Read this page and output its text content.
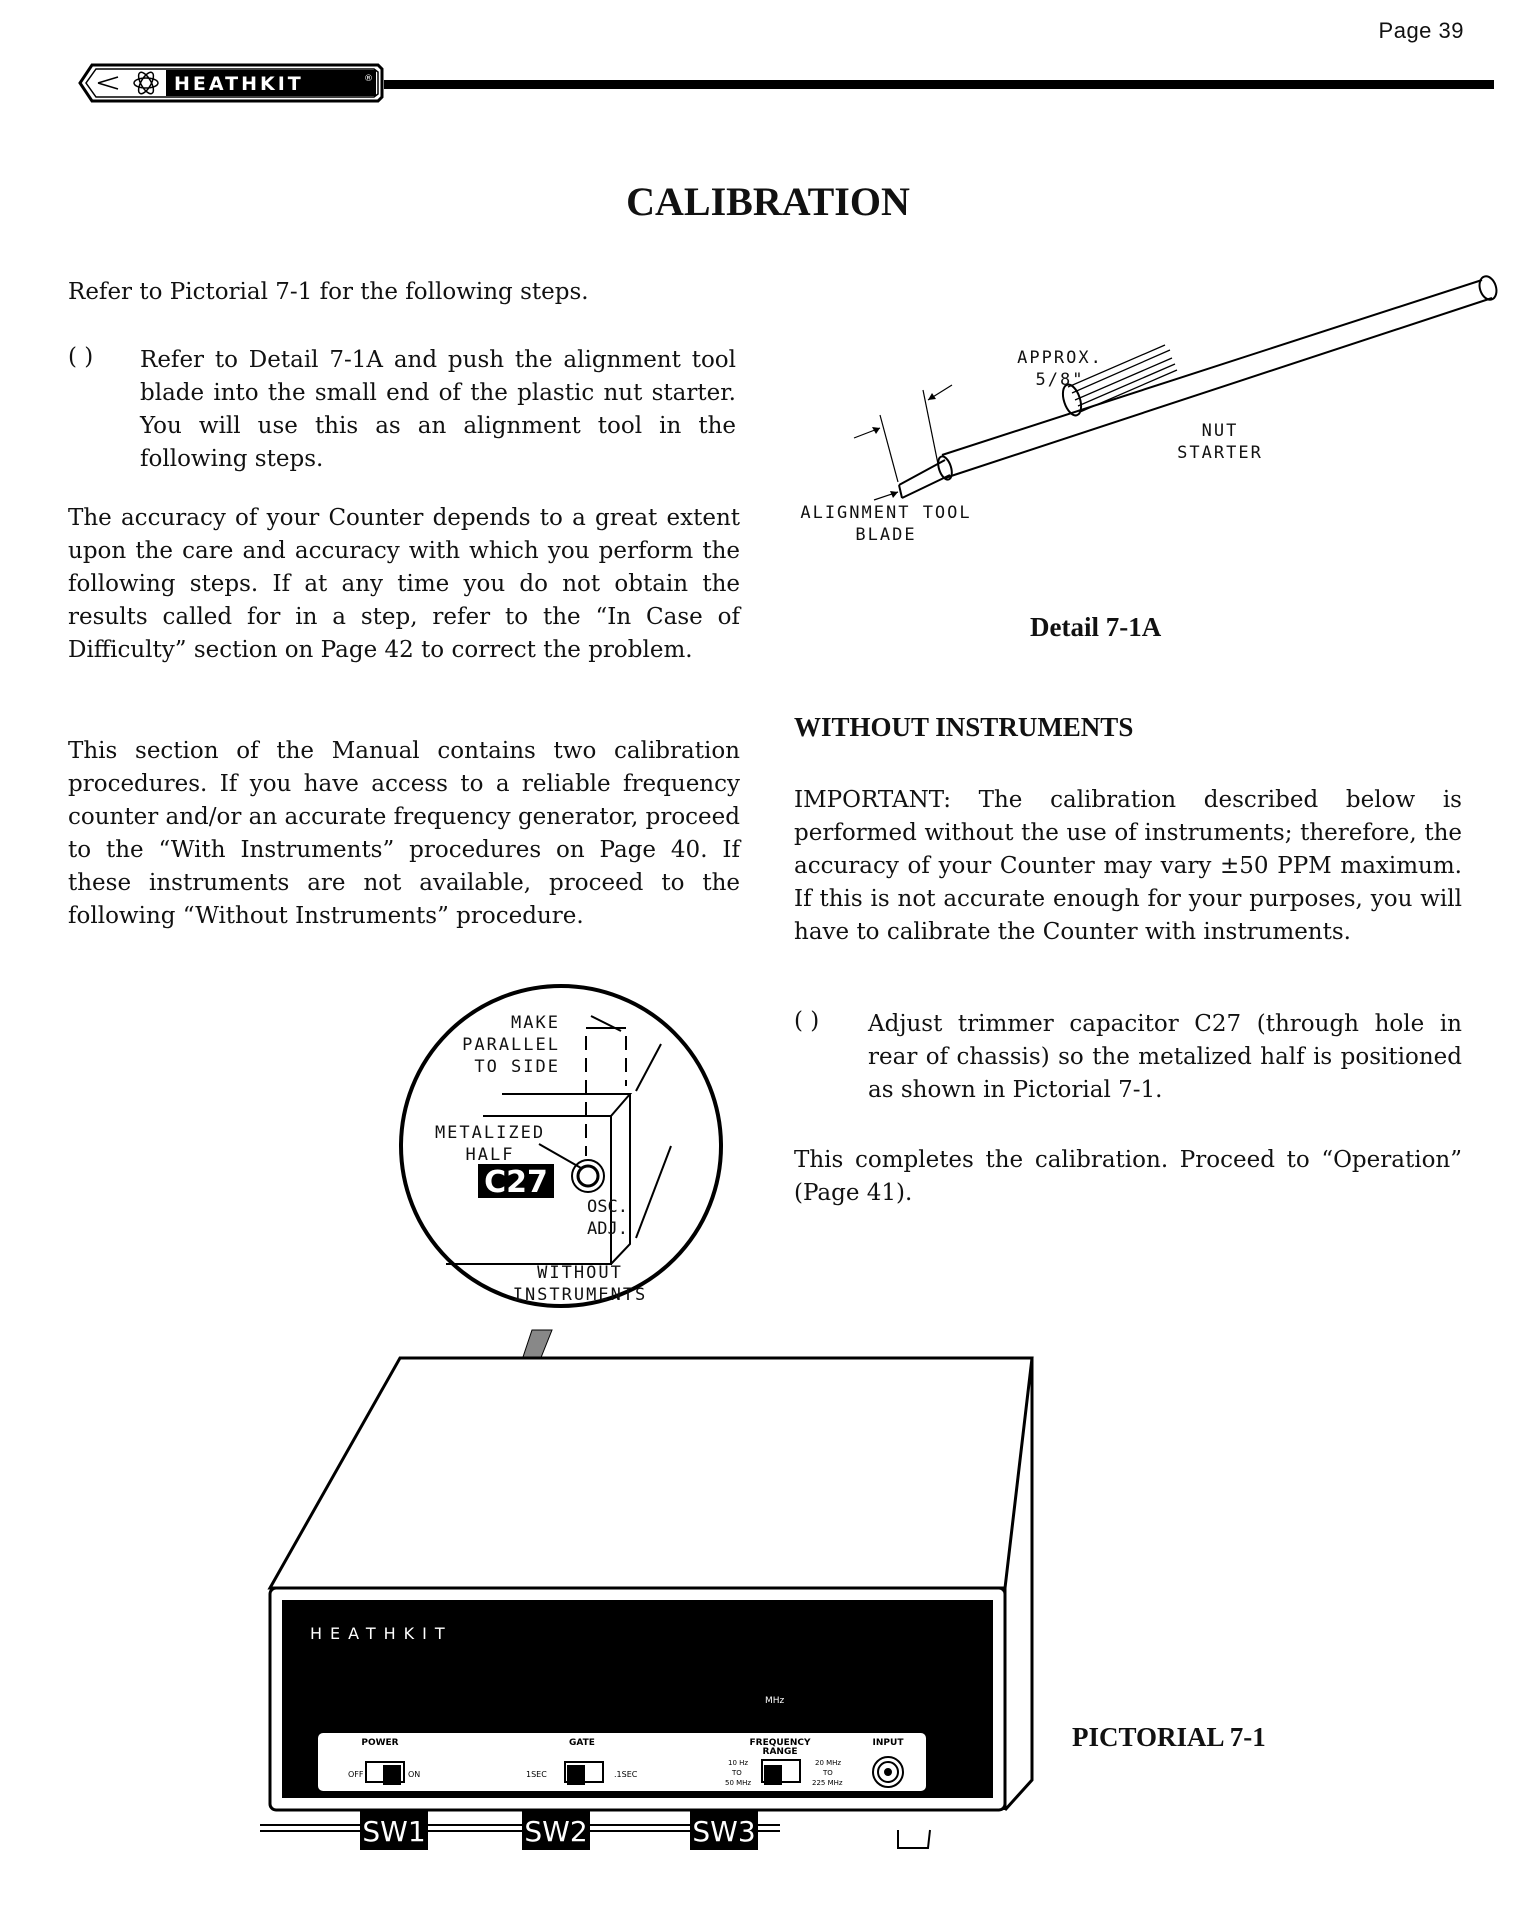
Page 39
HEATHKIT	®
CALIBRATION
Refer to Pictorial 7-1 for the following steps.
( ) Refer to Detail 7-1A and push the alignment tool blade into the small end of the plastic nut starter. You will use this as an alignment tool in the following steps.
The accuracy of your Counter depends to a great extent upon the care and accuracy with which you perform the following steps. If at any time you do not obtain the results called for in a step, refer to the “In Case of Difficulty” section on Page 42 to correct the problem.
This section of the Manual contains two calibration procedures. If you have access to a reliable frequency counter and/or an accurate frequency generator, proceed to the “With Instruments” procedures on Page 40. If these instruments are not available, proceed to the following “Without Instruments” procedure.
APPROX.
5/8"
NUT
STARTER
ALIGNMENT TOOL
BLADE
Detail 7-1A
WITHOUT INSTRUMENTS
IMPORTANT: The calibration described below is performed without the use of instruments; therefore, the accuracy of your Counter may vary ±50 PPM maximum. If this is not accurate enough for your purposes, you will have to calibrate the Counter with instruments.
( ) Adjust trimmer capacitor C27 (through hole in rear of chassis) so the metalized half is positioned as shown in Pictorial 7-1.
This completes the calibration. Proceed to “Operation” (Page 41).
C27
MAKE
PARALLEL
TO SIDE
METALIZED
HALF
OSC.
ADJ.
WITHOUT
INSTRUMENTS
HEATHKIT
MHz
POWER	GATE	FREQUENCY
RANGE
INPUT
OFF	ON	1SEC	.1SEC
10 Hz
TO
50 MHz
20 MHz
TO
225 MHz
SW1	SW2	SW3
PICTORIAL 7-1
